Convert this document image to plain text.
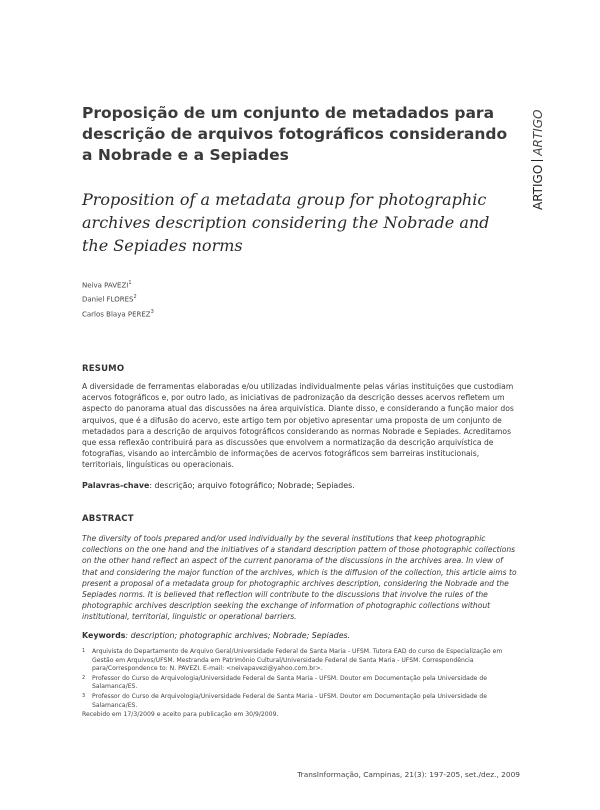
Proposição de um conjunto de metadados para descrição de arquivos fotográficos considerando a Nobrade e a Sepiades
ARTIGOARTIGO
Proposition of a metadata group for photographic archives description considering the Nobrade and the Sepiades norms
Neiva PAVEZI$^1$
Daniel FLORES$^2$
Carlos Blaya PEREZ$^3$
RESUMO
A diversidade de ferramentas elaboradas e/ou utilizadas individualmente pelas várias instituições que custodiam acervos fotográficos e, por outro lado, as iniciativas de padronização da descrição desses acervos refletem um aspecto do panorama atual das discussões na área arquivística. Diante disso, e considerando a função maior dos arquivos, que é a difusão do acervo, este artigo tem por objetivo apresentar uma proposta de um conjunto de metadados para a descrição de arquivos fotográficos considerando as normas Nobrade e Sepiades. Acreditamos que essa reflexão contribuirá para as discussões que envolvem a normatização da descrição arquivística de fotografias, visando ao intercâmbio de informações de acervos fotográficos sem barreiras institucionais, territoriais, linguísticas ou operacionais.
Palavras-chave: descrição; arquivo fotográfico; Nobrade; Sepiades.
ABSTRACT
The diversity of tools prepared and/or used individually by the several institutions that keep photographic collections on the one hand and the initiatives of a standard description pattern of those photographic collections on the other hand reflect an aspect of the current panorama of the discussions in the archives area. In view of that and considering the major function of the archives, which is the diffusion of the collection, this article aims to present a proposal of a metadata group for photographic archives description, considering the Nobrade and the Sepiades norms. It is believed that reflection will contribute to the discussions that involve the rules of the photographic archives description seeking the exchange of information of photographic collections without institutional, territorial, linguistic or operational barriers.
Keywords: description; photographic archives; Nobrade; Sepiades.
1 Arquivista do Departamento de Arquivo Geral/Universidade Federal de Santa Maria - UFSM. Tutora EAD do curso de Especialização em Gestão em Arquivos/UFSM. Mestranda em Patrimônio Cultural/Universidade Federal de Santa Maria - UFSM. Correspondência para/Correspondence to: N. PAVEZI. E-mail: <neivapavezi@yahoo.com.br>.
2 Professor do Curso de Arquivologia/Universidade Federal de Santa Maria - UFSM. Doutor em Documentação pela Universidade de Salamanca/ES.
3 Professor do Curso de Arquivologia/Universidade Federal de Santa Maria - UFSM. Doutor em Documentação pela Universidade de Salamanca/ES.
Recebido em 17/3/2009 e aceito para publicação em 30/9/2009.
TransInformação, Campinas, 21(3): 197-205, set./dez., 2009
